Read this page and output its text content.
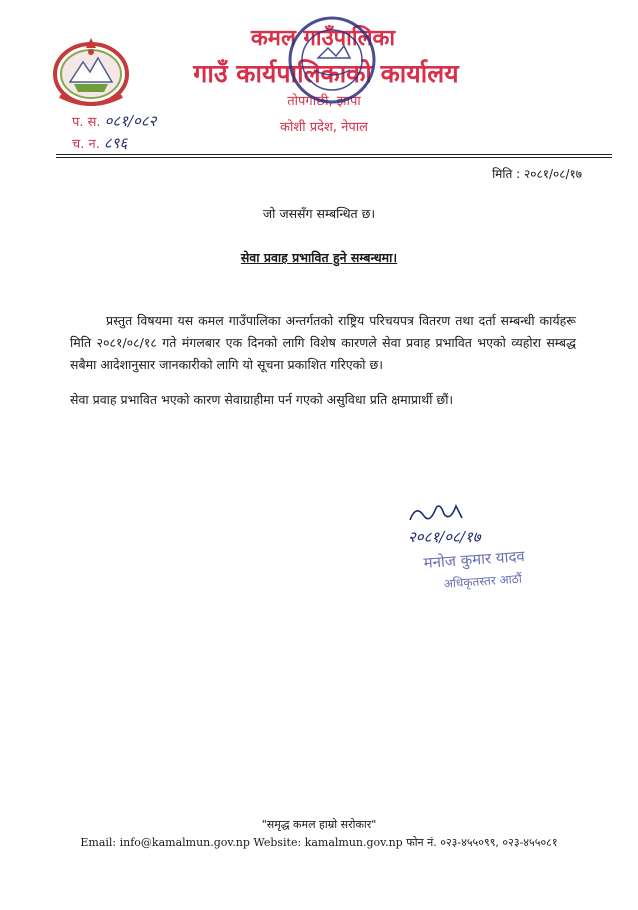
कमल गाउँपालिका
गाउँ कार्यपालिकाको कार्यालय
तोपगाछी, झापा
कोशी प्रदेश, नेपाल
प. स. ०८१/०८२
च. न. ८९६
मिति : २०८१/०८/१७
जो जससँग सम्बन्धित छ।
सेवा प्रवाह प्रभावित हुने सम्बन्धमा।
प्रस्तुत विषयमा यस कमल गाउँपालिका अन्तर्गतको राष्ट्रिय परिचयपत्र वितरण तथा दर्ता सम्बन्धी कार्यहरू मिति २०८१/०८/१८ गते मंगलबार एक दिनको लागि विशेष कारणले सेवा प्रवाह प्रभावित भएको व्यहोरा सम्बद्ध सबैमा आदेशानुसार जानकारीको लागि यो सूचना प्रकाशित गरिएको छ।
सेवा प्रवाह प्रभावित भएको कारण सेवाग्राहीमा पर्न गएको असुविधा प्रति क्षमाप्रार्थी छौं।
२०८१/०८/१७
मनोज कुमार यादव
अधिकृतस्तर आठौं
"समृद्ध कमल हाम्रो सरोकार"
Email: info@kamalmun.gov.np Website: kamalmun.gov.np फोन नं. ०२३-४५५०९९, ०२३-४५५०८१
